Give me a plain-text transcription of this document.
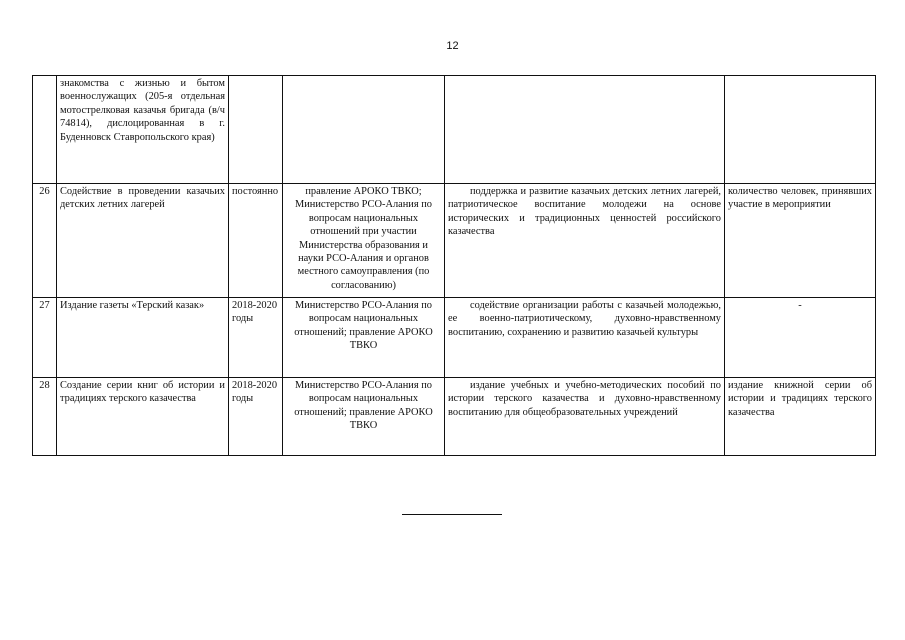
12
	знакомства с жизнью и бытом военнослужащих (205-я отдельная мотострелковая казачья бригада (в/ч 74814), дислоцированная в г. Буденновск Ставропольского края)				
26	Содействие в проведении казачьих детских летних лагерей	постоянно	правление АРОКО ТВКО; Министерство РСО-Алания по вопросам национальных отношений при участии Министерства образования и науки РСО-Алания и органов местного самоуправления (по согласованию)	поддержка и развитие казачьих детских летних лагерей, патриотическое воспитание молодежи на основе исторических и традиционных ценностей российского казачества	количество человек, принявших участие в мероприятии
27	Издание газеты «Терский казак»	2018-2020 годы	Министерство РСО-Алания по вопросам национальных отношений; правление АРОКО ТВКО	содействие организации работы с казачьей молодежью, ее военно-патриотическому, духовно-нравственному воспитанию, сохранению и развитию казачьей культуры	-
28	Создание серии книг об истории и традициях терского казачества	2018-2020 годы	Министерство РСО-Алания по вопросам национальных отношений; правление АРОКО ТВКО	издание учебных и учебно-методических пособий по истории терского казачества и духовно-нравственному воспитанию для общеобразовательных учреждений	издание книжной серии об истории и традициях терского казачества
